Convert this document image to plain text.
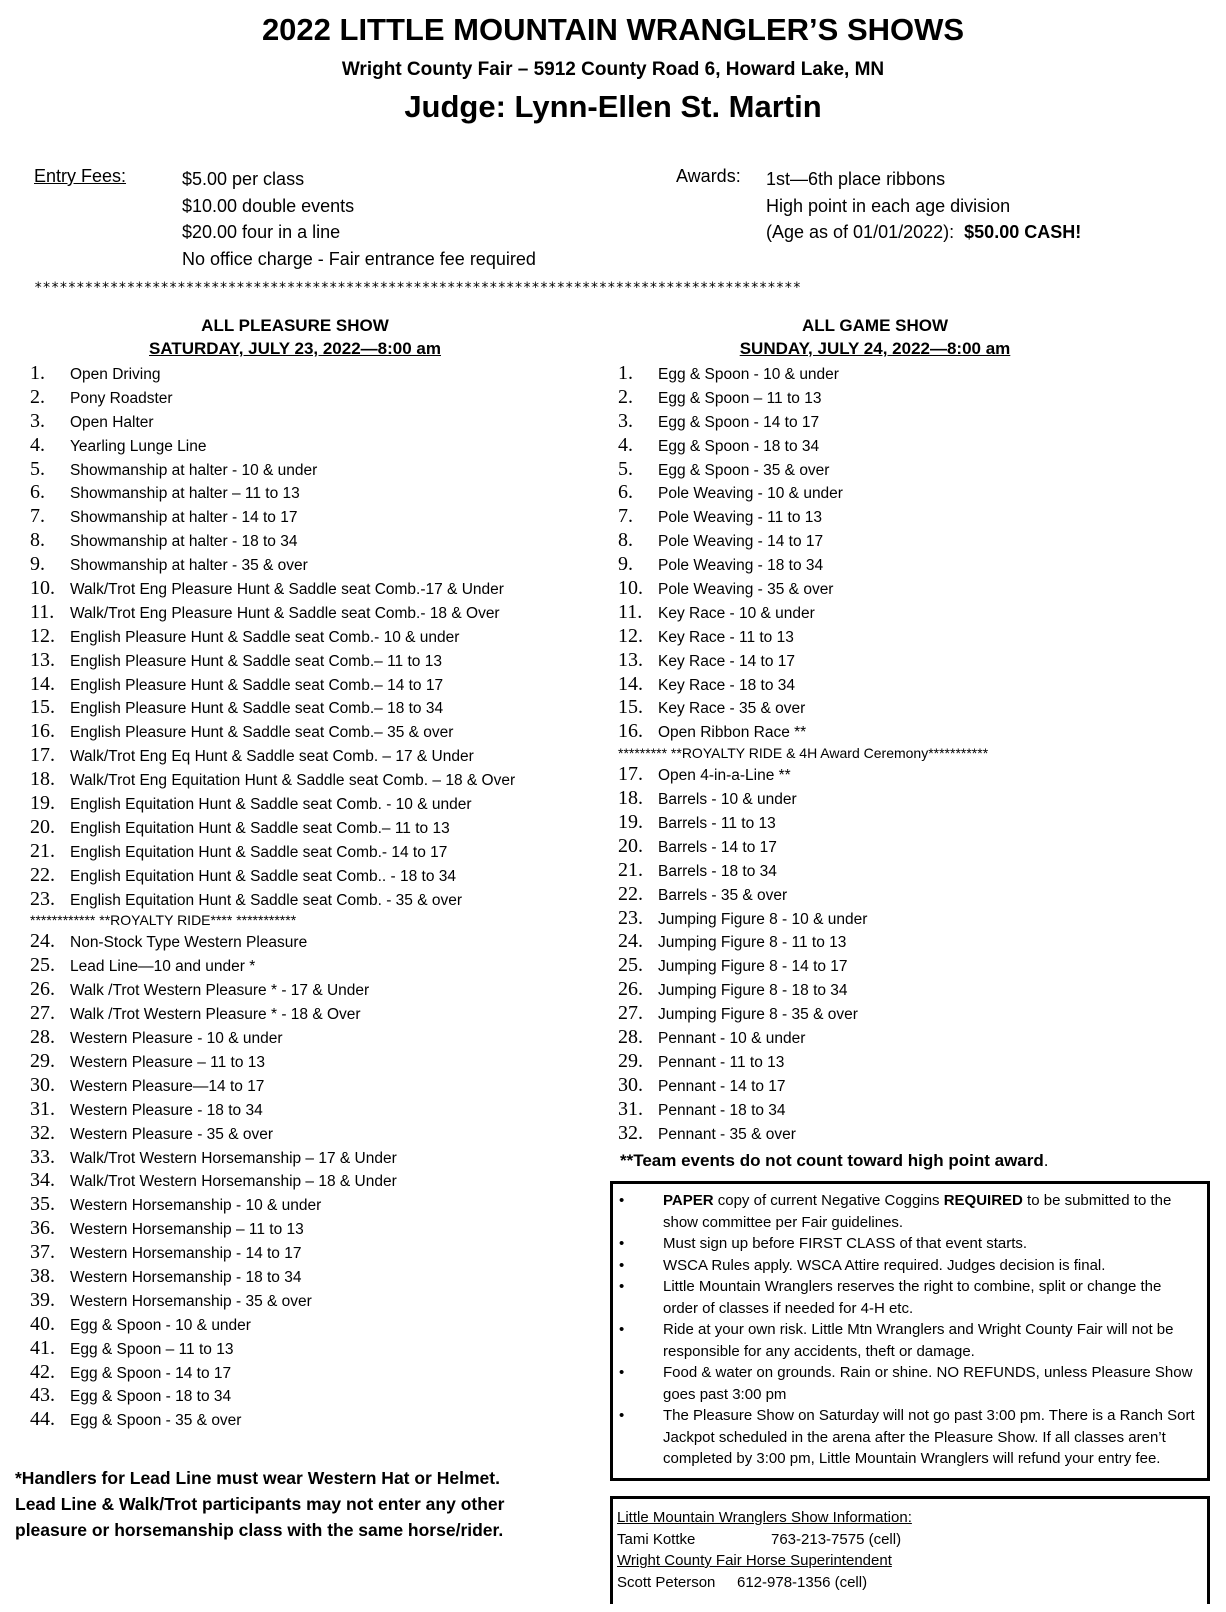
2022 LITTLE MOUNTAIN WRANGLER’S SHOWS
Wright County Fair – 5912 County Road 6, Howard Lake, MN
Judge: Lynn-Ellen St. Martin
Entry Fees:	$5.00 per class
$10.00 double events
$20.00 four in a line
No office charge - Fair entrance fee required
Awards: 1st—6th place ribbons
High point in each age division
(Age as of 01/01/2022): $50.00 CASH!
*******************************************************************************************
ALL PLEASURE SHOW
SATURDAY, JULY 23, 2022—8:00 am
ALL GAME SHOW
SUNDAY, JULY 24, 2022—8:00 am
1.	Open Driving
2.	Pony Roadster
3.	Open Halter
4.	Yearling Lunge Line
5.	Showmanship at halter - 10 & under
6.	Showmanship at halter – 11 to 13
7.	Showmanship at halter - 14 to 17
8.	Showmanship at halter - 18 to 34
9.	Showmanship at halter - 35 & over
10. Walk/Trot Eng Pleasure Hunt & Saddle seat Comb.-17 & Under
11.	Walk/Trot Eng Pleasure Hunt & Saddle seat Comb.- 18 & Over
12. English Pleasure Hunt & Saddle seat Comb.- 10 & under
13. English Pleasure Hunt & Saddle seat Comb.– 11 to 13
14. English Pleasure Hunt & Saddle seat Comb.– 14 to 17
15. English Pleasure Hunt & Saddle seat Comb.– 18 to 34
16. English Pleasure Hunt & Saddle seat Comb.– 35 & over
17. Walk/Trot Eng Eq Hunt & Saddle seat Comb. – 17 & Under
18. Walk/Trot Eng Equitation Hunt & Saddle seat Comb. – 18 & Over
19. English Equitation Hunt & Saddle seat Comb. - 10 & under
20. English Equitation Hunt & Saddle seat Comb.– 11 to 13
21. English Equitation Hunt & Saddle seat Comb.- 14 to 17
22. English Equitation Hunt & Saddle seat Comb.. - 18 to 34
23. English Equitation Hunt & Saddle seat Comb. - 35 & over
************ **ROYALTY RIDE**** ***********
24. Non-Stock Type Western Pleasure
25. Lead Line—10 and under *
26. Walk /Trot Western Pleasure * - 17 & Under
27. Walk /Trot Western Pleasure * - 18 & Over
28. Western Pleasure - 10 & under
29. Western Pleasure – 11 to 13
30. Western Pleasure—14 to 17
31. Western Pleasure - 18 to 34
32. Western Pleasure - 35 & over
33. Walk/Trot Western Horsemanship – 17 & Under
34. Walk/Trot Western Horsemanship – 18 & Under
35. Western Horsemanship - 10 & under
36. Western Horsemanship – 11 to 13
37. Western Horsemanship - 14 to 17
38. Western Horsemanship - 18 to 34
39. Western Horsemanship - 35 & over
40. Egg & Spoon - 10 & under
41. Egg & Spoon – 11 to 13
42. Egg & Spoon - 14 to 17
43. Egg & Spoon - 18 to 34
44. Egg & Spoon - 35 & over
1.	Egg & Spoon - 10 & under
2.	Egg & Spoon – 11 to 13
3.	Egg & Spoon - 14 to 17
4.	Egg & Spoon - 18 to 34
5.	Egg & Spoon - 35 & over
6.	Pole Weaving - 10 & under
7.	Pole Weaving - 11 to 13
8.	Pole Weaving - 14 to 17
9.	Pole Weaving - 18 to 34
10. Pole Weaving - 35 & over
11.	Key Race - 10 & under
12. Key Race - 11 to 13
13. Key Race - 14 to 17
14. Key Race - 18 to 34
15. Key Race - 35 & over
16. Open Ribbon Race **
********* **ROYALTY RIDE & 4H Award Ceremony***********
17. Open 4-in-a-Line **
18. Barrels - 10 & under
19. Barrels - 11 to 13
20. Barrels - 14 to 17
21. Barrels - 18 to 34
22. Barrels - 35 & over
23. Jumping Figure 8 - 10 & under
24. Jumping Figure 8 - 11 to 13
25. Jumping Figure 8 - 14 to 17
26. Jumping Figure 8 - 18 to 34
27. Jumping Figure 8 - 35 & over
28. Pennant - 10 & under
29. Pennant - 11 to 13
30. Pennant - 14 to 17
31. Pennant - 18 to 34
32. Pennant - 35 & over
**Team events do not count toward high point award.
•	PAPER copy of current Negative Coggins REQUIRED to be submitted to the show committee per Fair guidelines.
•	Must sign up before FIRST CLASS of that event starts.
•	WSCA Rules apply. WSCA Attire required. Judges decision is final.
•	Little Mountain Wranglers reserves the right to combine, split or change the order of classes if needed for 4-H etc.
•	Ride at your own risk. Little Mtn Wranglers and Wright County Fair will not be responsible for any accidents, theft or damage.
•	Food & water on grounds. Rain or shine. NO REFUNDS, unless Pleasure Show goes past 3:00 pm
•	The Pleasure Show on Saturday will not go past 3:00 pm. There is a Ranch Sort Jackpot scheduled in the arena after the Pleasure Show. If all classes aren’t completed by 3:00 pm, Little Mountain Wranglers will refund your entry fee.
*Handlers for Lead Line must wear Western Hat or Helmet.
Lead Line & Walk/Trot participants may not enter any other
pleasure or horsemanship class with the same horse/rider.
Little Mountain Wranglers Show Information:
Tami Kottke	763-213-7575 (cell)
Wright County Fair Horse Superintendent
Scott Peterson	612-978-1356 (cell)
